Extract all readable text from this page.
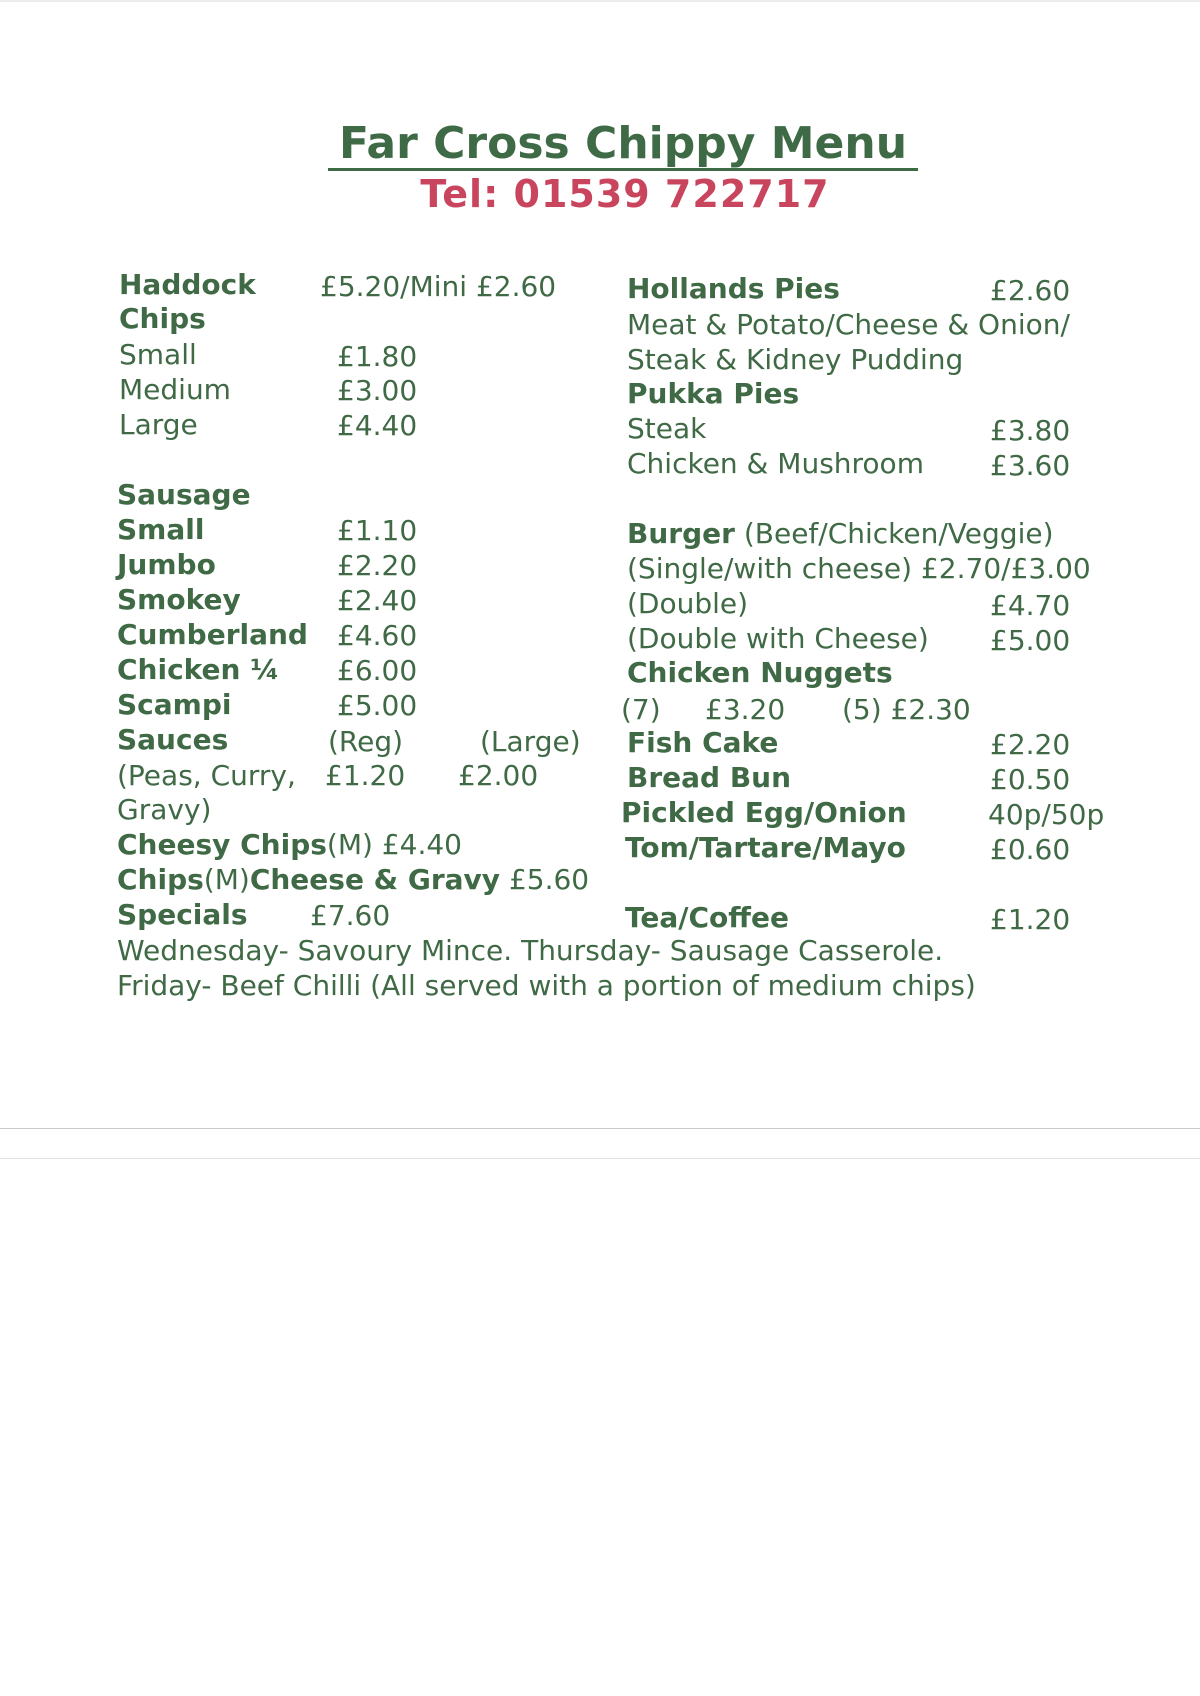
Far Cross Chippy Menu
Tel: 01539 722717
Haddock £5.20/Mini £2.60
Chips
Small	£1.80
Medium	£3.00
Large	£4.40
Sausage
Small	£1.10
Jumbo	£2.20
Smokey	£2.40
Cumberland £4.60
Chicken ¼ £6.00
Scampi	£5.00
Sauces	(Reg)	(Large)
(Peas, Curry, £1.20 £2.00
Gravy)
Cheesy Chips(M) £4.40
Chips(M)Cheese & Gravy £5.60
Specials £7.60
Hollands Pies	£2.60
Meat & Potato/Cheese & Onion/
Steak & Kidney Pudding
Pukka Pies
Steak	£3.80
Chicken & Mushroom £3.60
Burger (Beef/Chicken/Veggie)
(Single/with cheese) £2.70/£3.00
(Double)	£4.70
(Double with Cheese) £5.00
Chicken Nuggets
(7) £3.20 (5) £2.30
Fish Cake	£2.20
Bread Bun	£0.50
Pickled Egg/Onion	40p/50p
Tom/Tartare/Mayo	£0.60
Tea/Coffee	£1.20
Wednesday- Savoury Mince. Thursday- Sausage Casserole.
Friday- Beef Chilli (All served with a portion of medium chips)
